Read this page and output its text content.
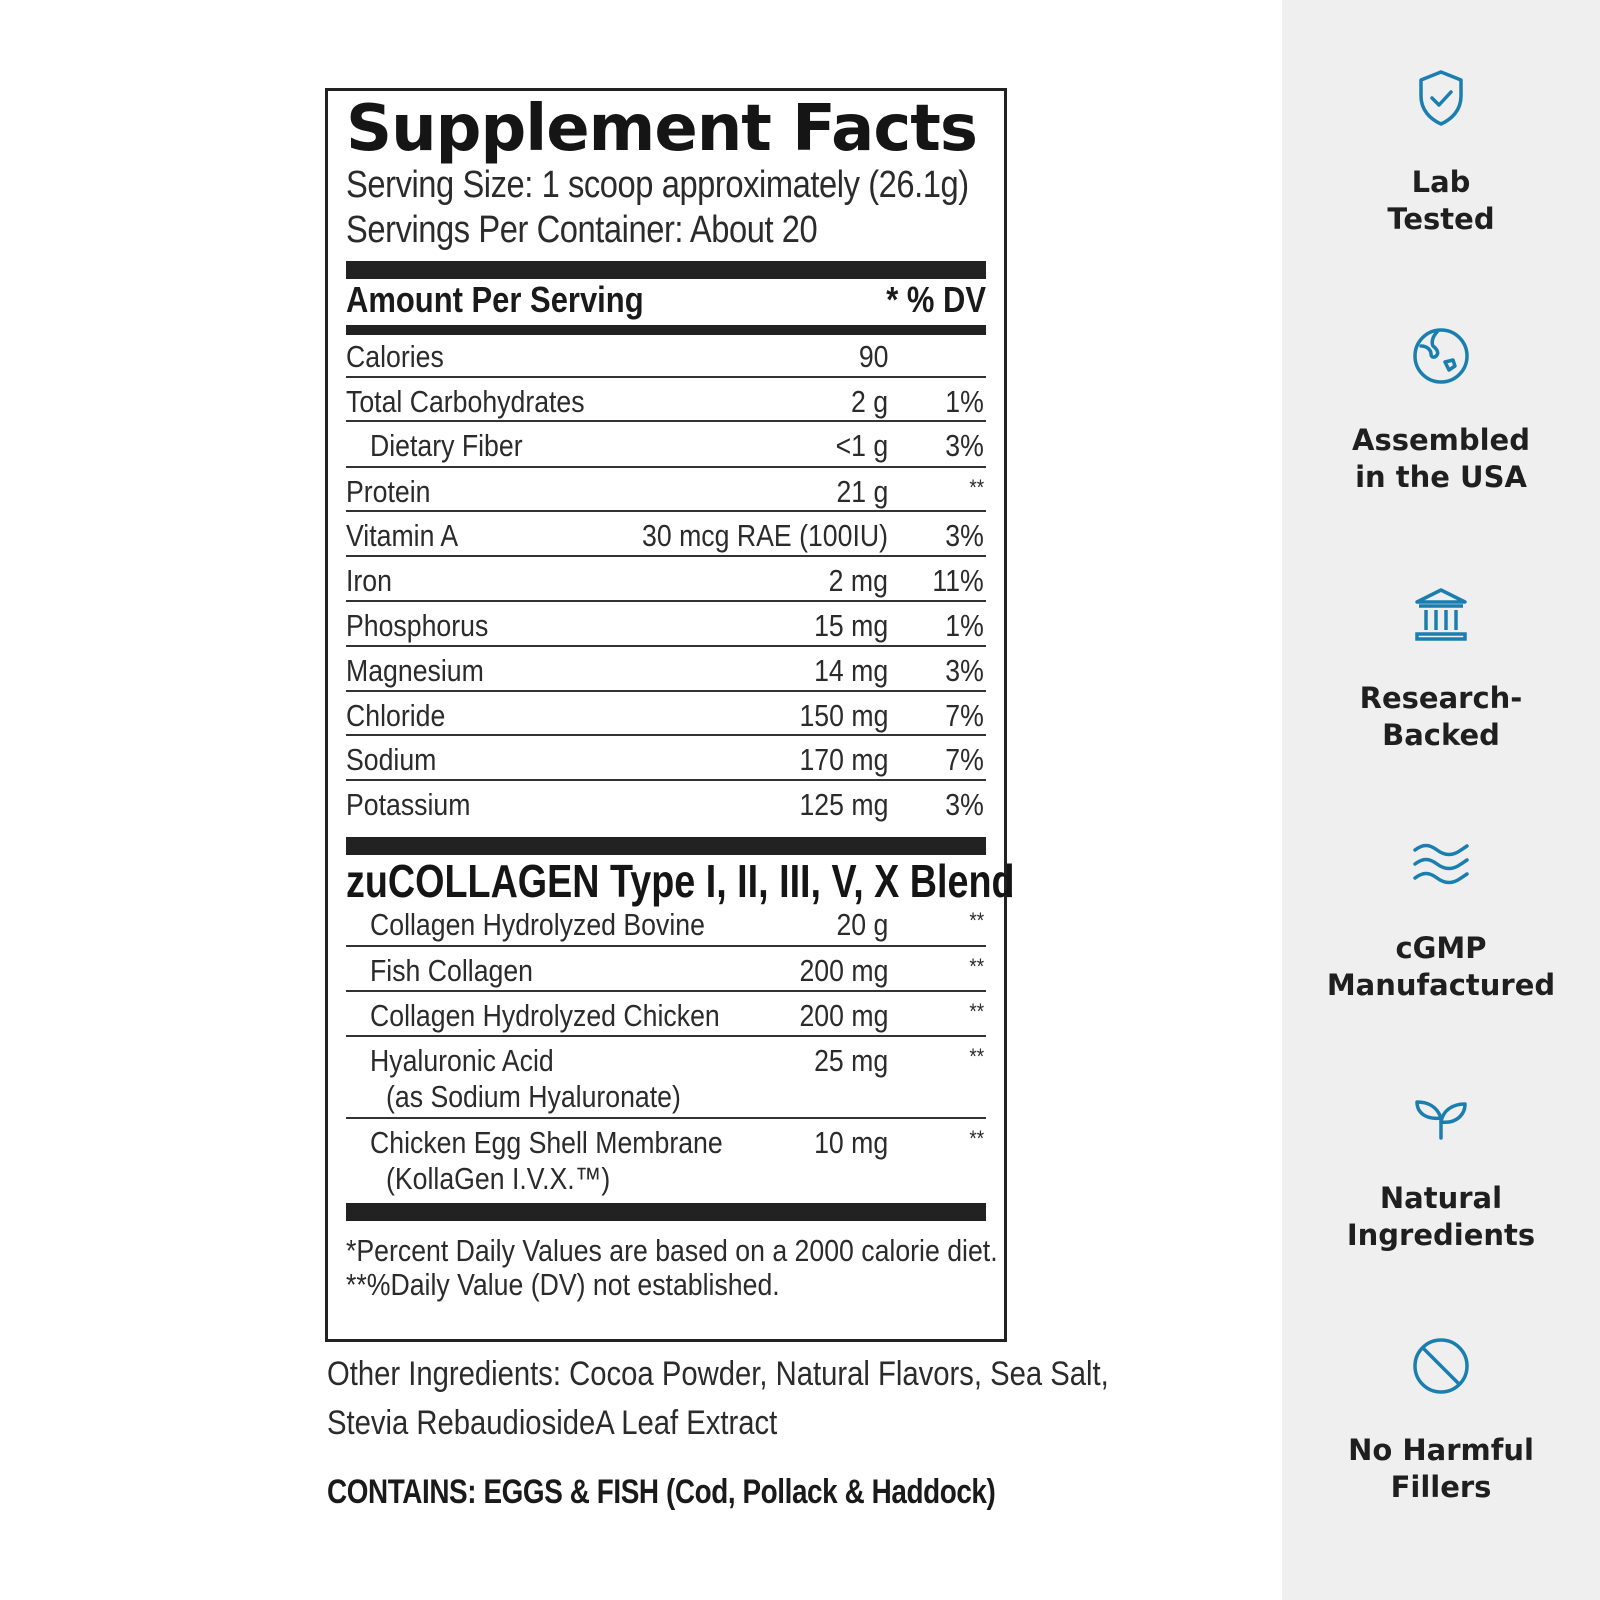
Supplement Facts
Serving Size: 1 scoop approximately (26.1g)
Servings Per Container: About 20
Amount Per Serving	* % DV
Calories	90
Total Carbohydrates	2 g 1%
Dietary Fiber	<1 g 3%
Protein	21 g	**
Vitamin A	30 mcg RAE (100IU) 3%
Iron	2 mg 11%
Phosphorus	15 mg 1%
Magnesium	14 mg 3%
Chloride	150 mg 7%
Sodium	170 mg 7%
Potassium	125 mg 3%
zuCOLLAGEN Type I, II, III, V, X Blend
Collagen Hydrolyzed Bovine	20 g	**
Fish Collagen	200 mg	**
Collagen Hydrolyzed Chicken	200 mg	**
Hyaluronic Acid
(as Sodium Hyaluronate)
25 mg	**
Chicken Egg Shell Membrane
(KollaGen I.V.X.™)
10 mg	**
*Percent Daily Values are based on a 2000 calorie diet.
**%Daily Value (DV) not established.
Other Ingredients: Cocoa Powder, Natural Flavors, Sea Salt,
Stevia RebaudiosideA Leaf Extract
CONTAINS: EGGS & FISH (Cod, Pollack & Haddock)
Lab
Tested
Assembled
in the USA
Research-
Backed
cGMP
Manufactured
Natural
Ingredients
No Harmful
Fillers
